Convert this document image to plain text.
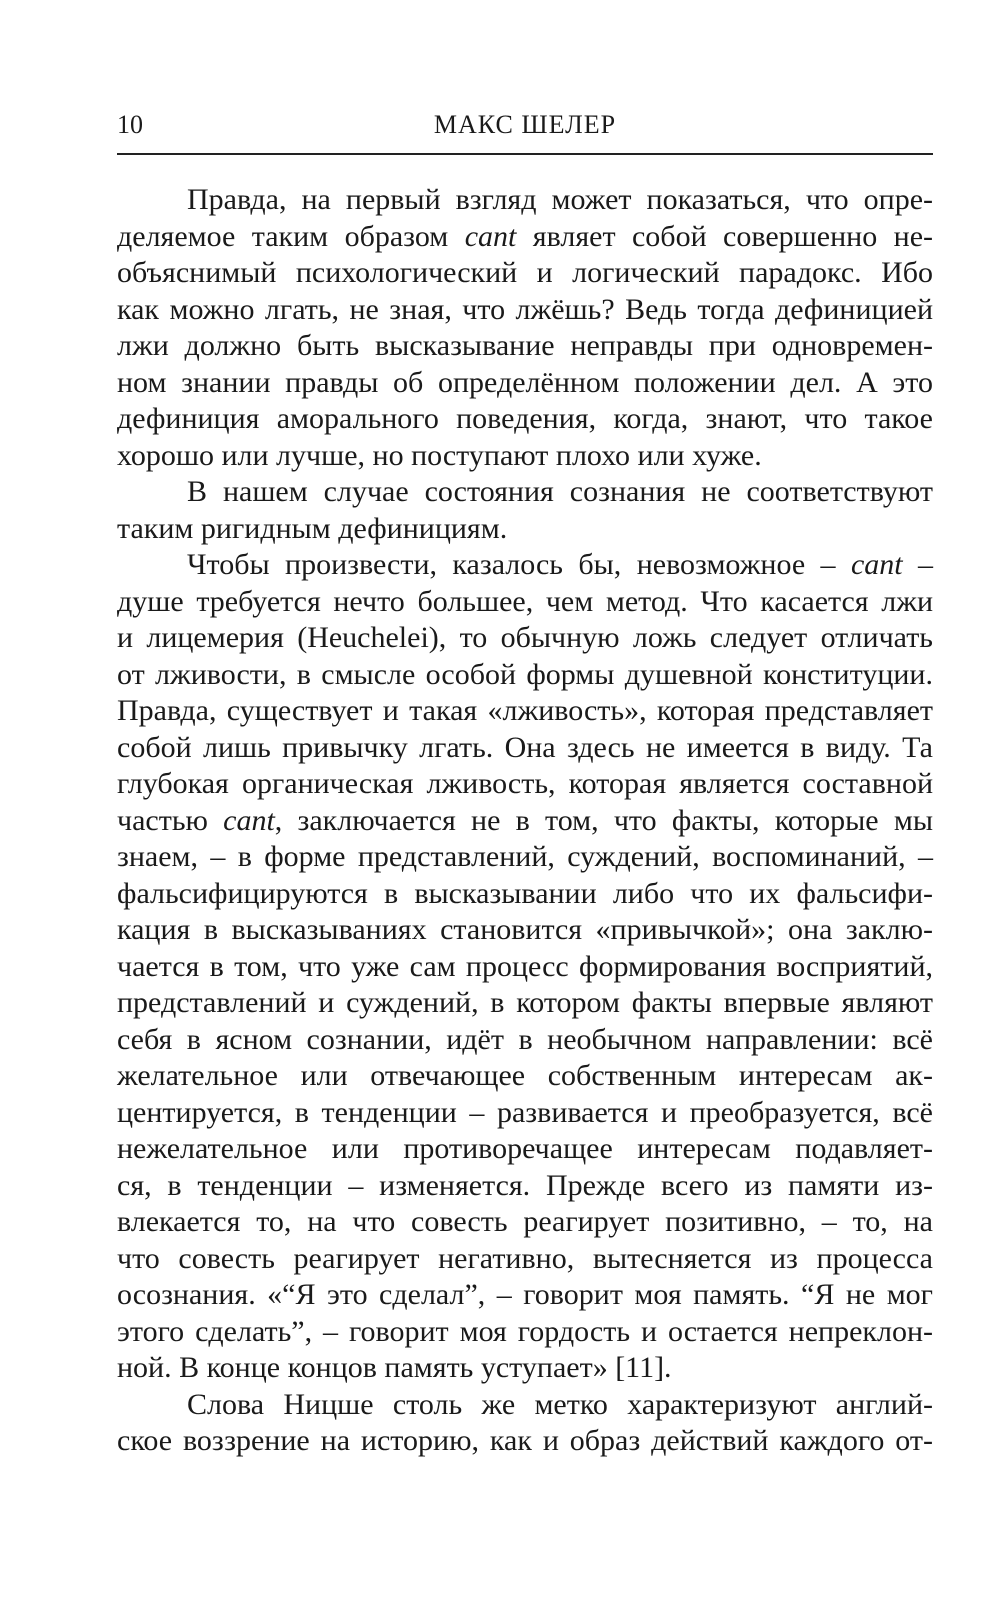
10	МАКС ШЕЛЕР
Правда, на первый взгляд может показаться, что опре-
деляемое таким образом cant являет собой совершенно не-
объяснимый психологический и логический парадокс. Ибо
как можно лгать, не зная, что лжёшь? Ведь тогда дефиницией
лжи должно быть высказывание неправды при одновремен-
ном знании правды об определённом положении дел. А это
дефиниция аморального поведения, когда, знают, что такое
хорошо или лучше, но поступают плохо или хуже.
В нашем случае состояния сознания не соответствуют
таким ригидным дефинициям.
Чтобы произвести, казалось бы, невозможное – cant –
душе требуется нечто большее, чем метод. Что касается лжи
и лицемерия (Heuchelei), то обычную ложь следует отличать
от лживости, в смысле особой формы душевной конституции.
Правда, существует и такая «лживость», которая представляет
собой лишь привычку лгать. Она здесь не имеется в виду. Та
глубокая органическая лживость, которая является составной
частью cant, заключается не в том, что факты, которые мы
знаем, – в форме представлений, суждений, воспоминаний, –
фальсифицируются в высказывании либо что их фальсифи-
кация в высказываниях становится «привычкой»; она заклю-
чается в том, что уже сам процесс формирования восприятий,
представлений и суждений, в котором факты впервые являют
себя в ясном сознании, идёт в необычном направлении: всё
желательное или отвечающее собственным интересам ак-
центируется, в тенденции – развивается и преобразуется, всё
нежелательное или противоречащее интересам подавляет-
ся, в тенденции – изменяется. Прежде всего из памяти из-
влекается то, на что совесть реагирует позитивно, – то, на
что совесть реагирует негативно, вытесняется из процесса
осознания. «“Я это сделал”, – говорит моя память. “Я не мог
этого сделать”, – говорит моя гордость и остается непреклон-
ной. В конце концов память уступает» [11].
Слова Ницше столь же метко характеризуют англий-
ское воззрение на историю, как и образ действий каждого от-
